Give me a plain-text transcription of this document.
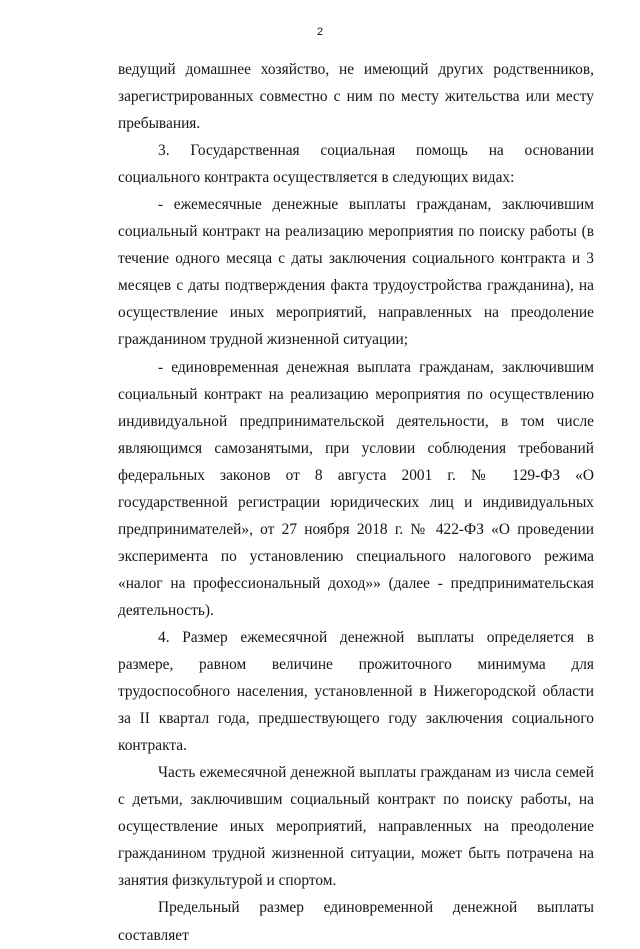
2

ведущий домашнее хозяйство, не имеющий других родственников, зарегистрированных совместно с ним по месту жительства или месту пребывания.

3. Государственная социальная помощь на основании социального контракта осуществляется в следующих видах:

- ежемесячные денежные выплаты гражданам, заключившим социальный контракт на реализацию мероприятия по поиску работы (в течение одного месяца с даты заключения социального контракта и 3 месяцев с даты подтверждения факта трудоустройства гражданина), на осуществление иных мероприятий, направленных на преодоление гражданином трудной жизненной ситуации;

- единовременная денежная выплата гражданам, заключившим социальный контракт на реализацию мероприятия по осуществлению индивидуальной предпринимательской деятельности, в том числе являющимся самозанятыми, при условии соблюдения требований федеральных законов от 8 августа 2001 г. № 129-ФЗ «О государственной регистрации юридических лиц и индивидуальных предпринимателей», от 27 ноября 2018 г. № 422-ФЗ «О проведении эксперимента по установлению специального налогового режима «налог на профессиональный доход»» (далее - предпринимательская деятельность).

4. Размер ежемесячной денежной выплаты определяется в размере, равном величине прожиточного минимума для трудоспособного населения, установленной в Нижегородской области за II квартал года, предшествующего году заключения социального контракта.

Часть ежемесячной денежной выплаты гражданам из числа семей с детьми, заключившим социальный контракт по поиску работы, на осуществление иных мероприятий, направленных на преодоление гражданином трудной жизненной ситуации, может быть потрачена на занятия физкультурой и спортом.

Предельный размер единовременной денежной выплаты составляет
